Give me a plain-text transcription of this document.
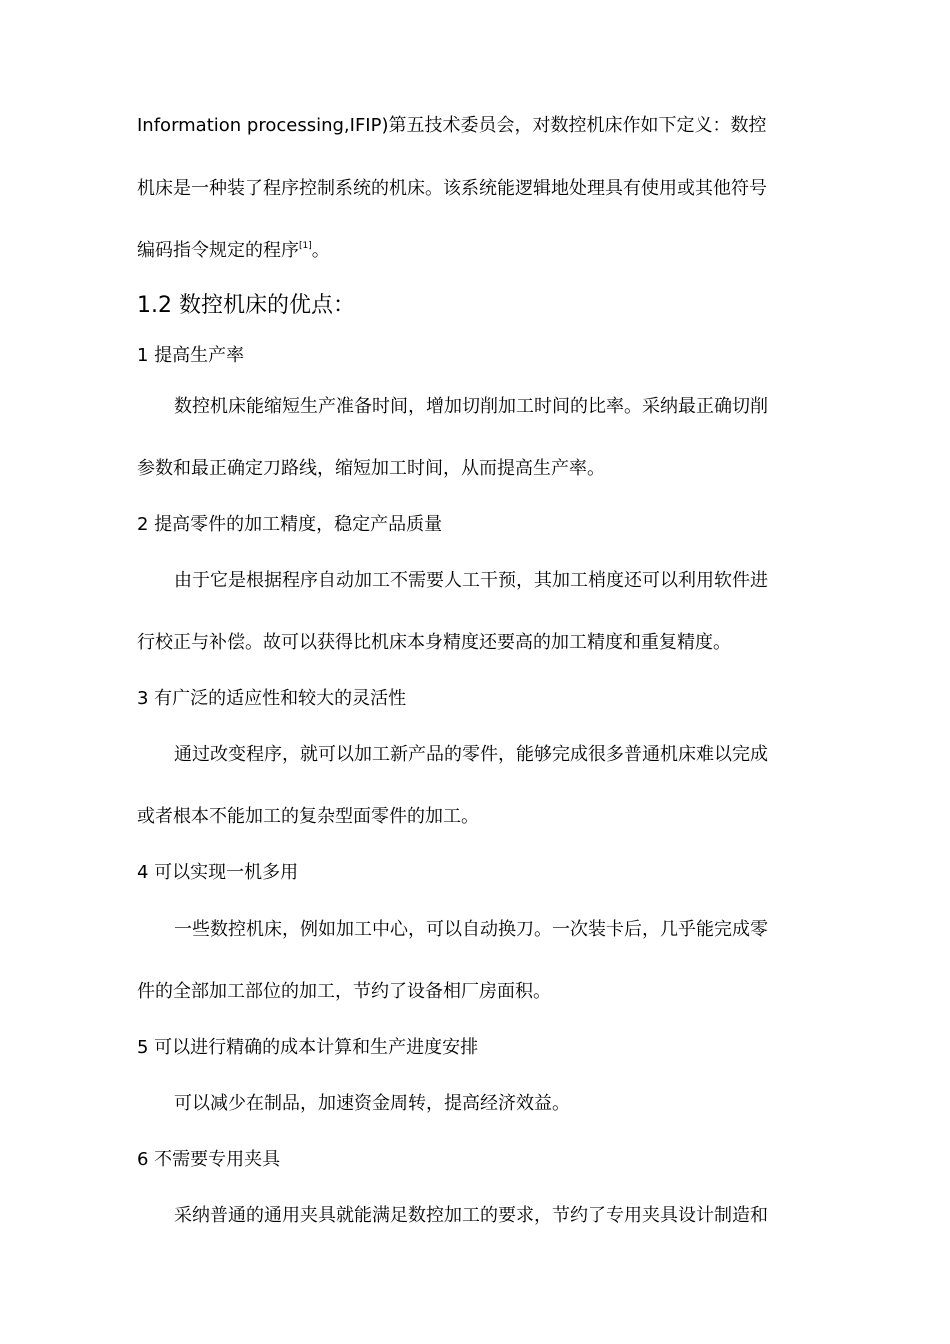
Information processing,IFIP)第五技术委员会，对数控机床作如下定义：数控
机床是一种装了程序控制系统的机床。该系统能逻辑地处理具有使用或其他符号
编码指令规定的程序[1]。
1.2 数控机床的优点：
1 提高生产率
数控机床能缩短生产准备时间，增加切削加工时间的比率。采纳最正确切削
参数和最正确定刀路线，缩短加工时间，从而提高生产率。
2 提高零件的加工精度，稳定产品质量
由于它是根据程序自动加工不需要人工干预，其加工梢度还可以利用软件进
行校正与补偿。故可以获得比机床本身精度还要高的加工精度和重复精度。
3 有广泛的适应性和较大的灵活性
通过改变程序，就可以加工新产品的零件，能够完成很多普通机床难以完成
或者根本不能加工的复杂型面零件的加工。
4 可以实现一机多用
一些数控机床，例如加工中心，可以自动换刀。一次装卡后，几乎能完成零
件的全部加工部位的加工，节约了设备相厂房面积。
5 可以进行精确的成本计算和生产进度安排
可以减少在制品，加速资金周转，提高经济效益。
6 不需要专用夹具
采纳普通的通用夹具就能满足数控加工的要求，节约了专用夹具设计制造和
